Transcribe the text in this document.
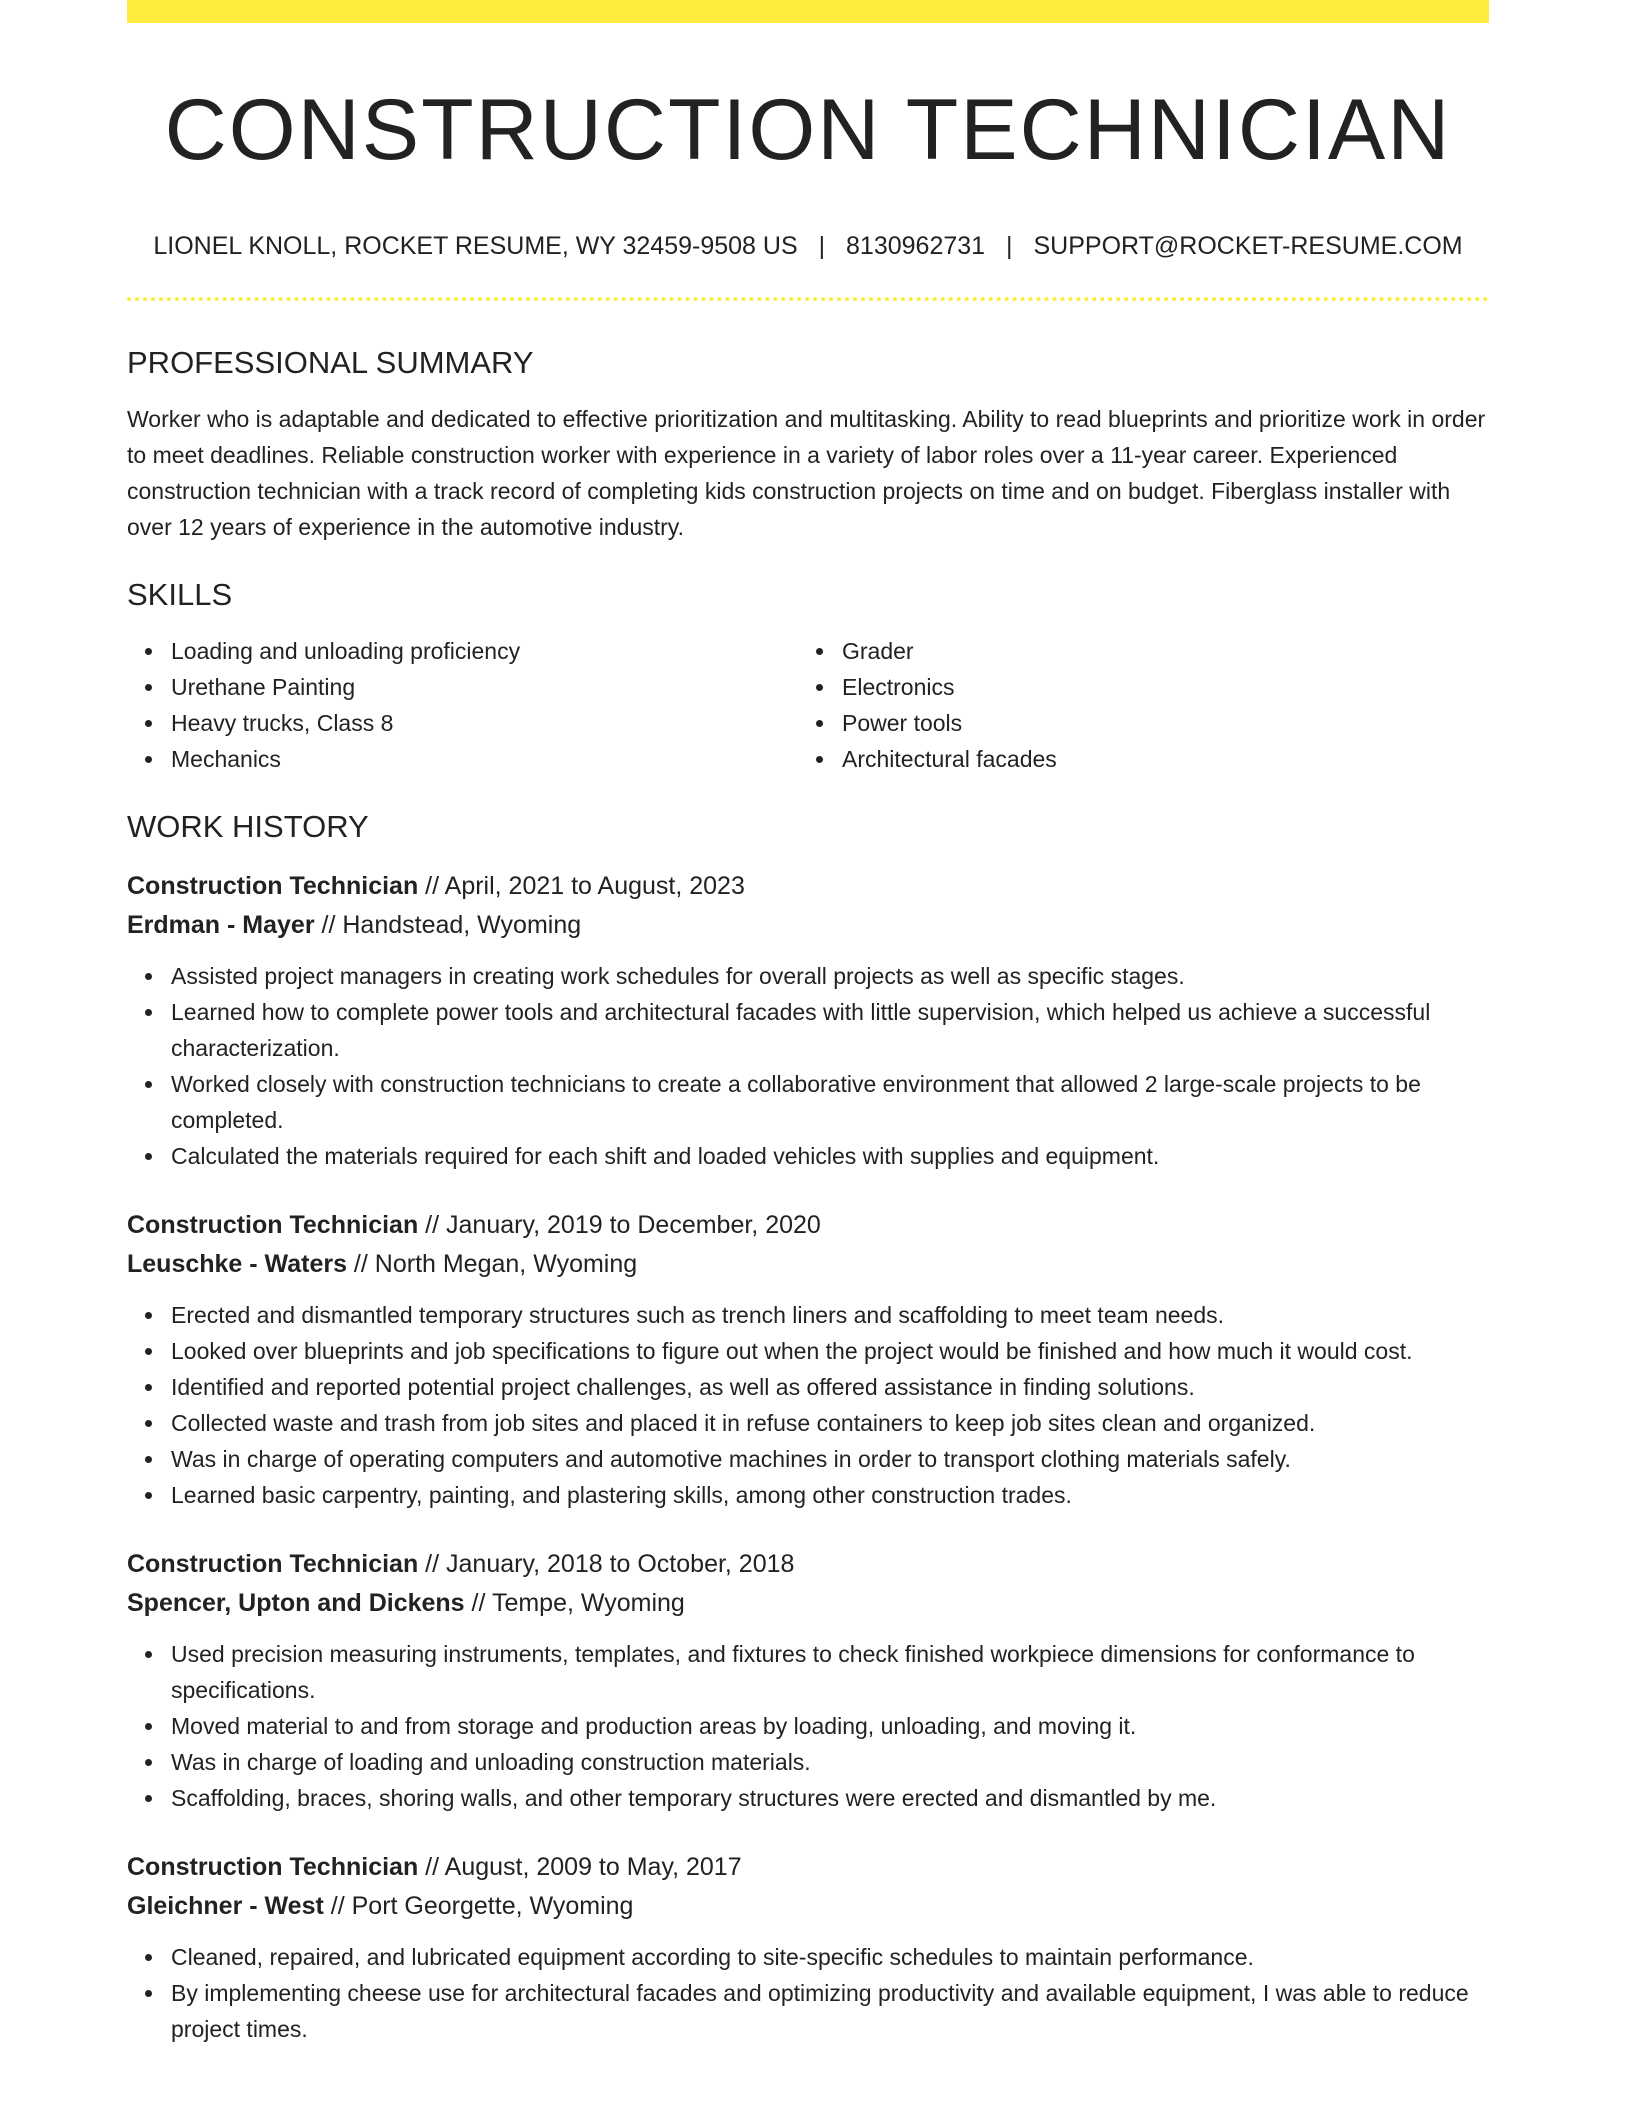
CONSTRUCTION TECHNICIAN
LIONEL KNOLL, ROCKET RESUME, WY 32459-9508 US | 8130962731 | SUPPORT@ROCKET-RESUME.COM
PROFESSIONAL SUMMARY

Worker who is adaptable and dedicated to effective prioritization and multitasking. Ability to read blueprints and prioritize work in order to meet deadlines. Reliable construction worker with experience in a variety of labor roles over a 11-year career. Experienced construction technician with a track record of completing kids construction projects on time and on budget. Fiberglass installer with over 12 years of experience in the automotive industry.

SKILLS
Loading and unloading proficiency
Urethane Painting
Heavy trucks, Class 8
Mechanics
Grader
Electronics
Power tools
Architectural facades
WORK HISTORY
Construction Technician // April, 2021 to August, 2023
Erdman - Mayer // Handstead, Wyoming
Assisted project managers in creating work schedules for overall projects as well as specific stages.
Learned how to complete power tools and architectural facades with little supervision, which helped us achieve a successful characterization.
Worked closely with construction technicians to create a collaborative environment that allowed 2 large-scale projects to be completed.
Calculated the materials required for each shift and loaded vehicles with supplies and equipment.
Construction Technician // January, 2019 to December, 2020
Leuschke - Waters // North Megan, Wyoming
Erected and dismantled temporary structures such as trench liners and scaffolding to meet team needs.
Looked over blueprints and job specifications to figure out when the project would be finished and how much it would cost.
Identified and reported potential project challenges, as well as offered assistance in finding solutions.
Collected waste and trash from job sites and placed it in refuse containers to keep job sites clean and organized.
Was in charge of operating computers and automotive machines in order to transport clothing materials safely.
Learned basic carpentry, painting, and plastering skills, among other construction trades.
Construction Technician // January, 2018 to October, 2018
Spencer, Upton and Dickens // Tempe, Wyoming
Used precision measuring instruments, templates, and fixtures to check finished workpiece dimensions for conformance to specifications.
Moved material to and from storage and production areas by loading, unloading, and moving it.
Was in charge of loading and unloading construction materials.
Scaffolding, braces, shoring walls, and other temporary structures were erected and dismantled by me.
Construction Technician // August, 2009 to May, 2017
Gleichner - West // Port Georgette, Wyoming
Cleaned, repaired, and lubricated equipment according to site-specific schedules to maintain performance.
By implementing cheese use for architectural facades and optimizing productivity and available equipment, I was able to reduce project times.
